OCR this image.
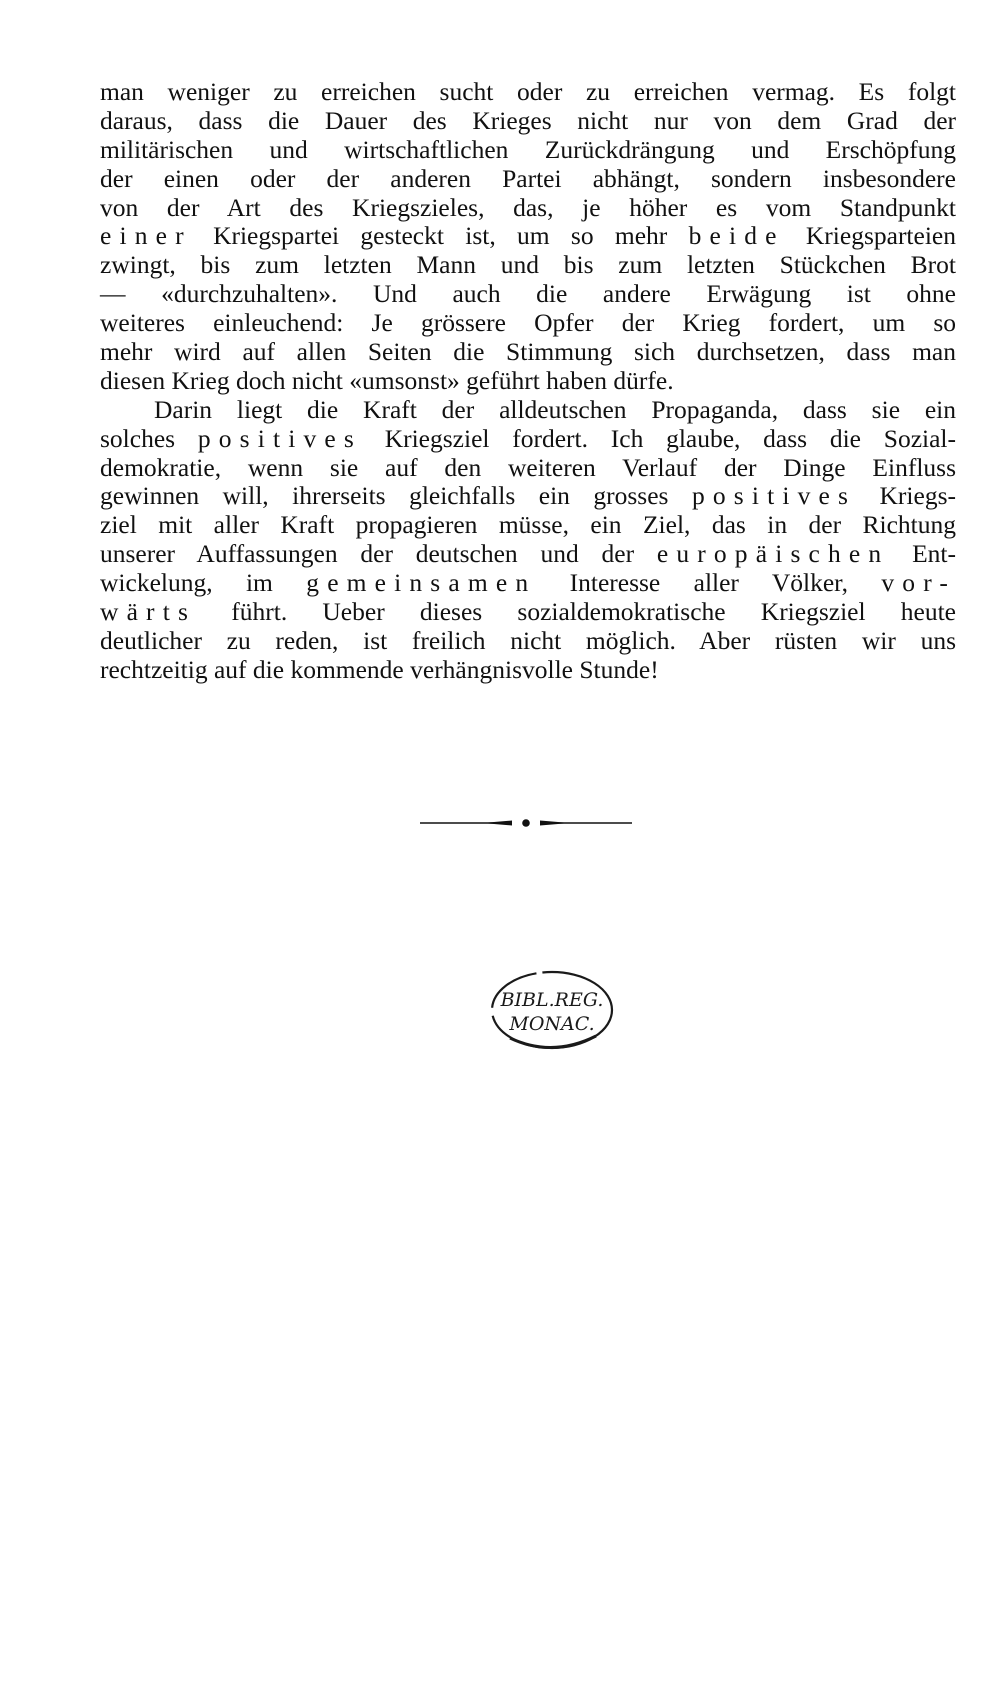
man weniger zu erreichen sucht oder zu erreichen vermag. Es folgt
daraus, dass die Dauer des Krieges nicht nur von dem Grad der
militärischen und wirtschaftlichen Zurückdrängung und Erschöpfung
der einen oder der anderen Partei abhängt, sondern insbesondere
von der Art des Kriegszieles, das, je höher es vom Standpunkt
einer Kriegspartei gesteckt ist, um so mehr beide Kriegsparteien
zwingt, bis zum letzten Mann und bis zum letzten Stückchen Brot
— «durchzuhalten». Und auch die andere Erwägung ist ohne
weiteres einleuchend: Je grössere Opfer der Krieg fordert, um so
mehr wird auf allen Seiten die Stimmung sich durchsetzen, dass man
diesen Krieg doch nicht «umsonst» geführt haben dürfe.
Darin liegt die Kraft der alldeutschen Propaganda, dass sie ein
solches positives Kriegsziel fordert. Ich glaube, dass die Sozial-
demokratie, wenn sie auf den weiteren Verlauf der Dinge Einfluss
gewinnen will, ihrerseits gleichfalls ein grosses positives Kriegs-
ziel mit aller Kraft propagieren müsse, ein Ziel, das in der Richtung
unserer Auffassungen der deutschen und der europäischen Ent-
wickelung, im gemeinsamen Interesse aller Völker, vor-
wärts führt. Ueber dieses sozialdemokratische Kriegsziel heute
deutlicher zu reden, ist freilich nicht möglich. Aber rüsten wir uns
rechtzeitig auf die kommende verhängnisvolle Stunde!
BIBL.REG.
MONAC.
